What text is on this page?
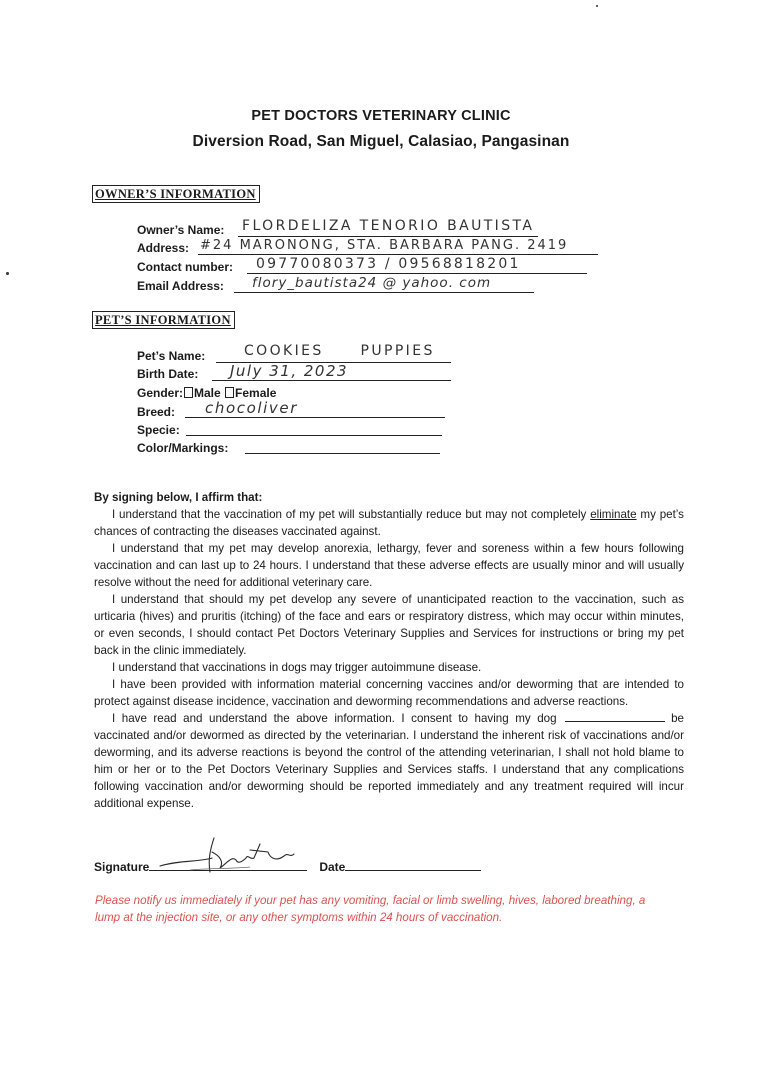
PET DOCTORS VETERINARY CLINIC
Diversion Road, San Miguel, Calasiao, Pangasinan
OWNER’S INFORMATION
Owner’s Name: FLORDELIZA TENORIO BAUTISTA
Address: #24 MARONONG, STA. BARBARA PANG. 2419
Contact number: 09770080373 / 09568818201
Email Address: flory_bautista24 @ yahoo. com
PET’S INFORMATION
Pet’s Name:	COOKIES PUPPIES
Birth Date: July 31, 2023
Gender: Male Female
Breed: chocoliver
Specie:
Color/Markings:
By signing below, I affirm that:

I understand that the vaccination of my pet will substantially reduce but may not completely eliminate my pet’s chances of contracting the diseases vaccinated against.

I understand that my pet may develop anorexia, lethargy, fever and soreness within a few hours following vaccination and can last up to 24 hours. I understand that these adverse effects are usually minor and will usually resolve without the need for additional veterinary care.

I understand that should my pet develop any severe of unanticipated reaction to the vaccination, such as urticaria (hives) and pruritis (itching) of the face and ears or respiratory distress, which may occur within minutes, or even seconds, I should contact Pet Doctors Veterinary Supplies and Services for instructions or bring my pet back in the clinic immediately.

I understand that vaccinations in dogs may trigger autoimmune disease.

I have been provided with information material concerning vaccines and/or deworming that are intended to protect against disease incidence, vaccination and deworming recommendations and adverse reactions.

I have read and understand the above information. I consent to having my dog	be vaccinated and/or dewormed as directed by the veterinarian. I understand the inherent risk of vaccinations and/or deworming, and its adverse reactions is beyond the control of the attending veterinarian, I shall not hold blame to him or her or to the Pet Doctors Veterinary Supplies and Services staffs. I understand that any complications following vaccination and/or deworming should be reported immediately and any treatment required will incur additional expense.

Signature	Date
Please notify us immediately if your pet has any vomiting, facial or limb swelling, hives, labored breathing, a lump at the injection site, or any other symptoms within 24 hours of vaccination.
